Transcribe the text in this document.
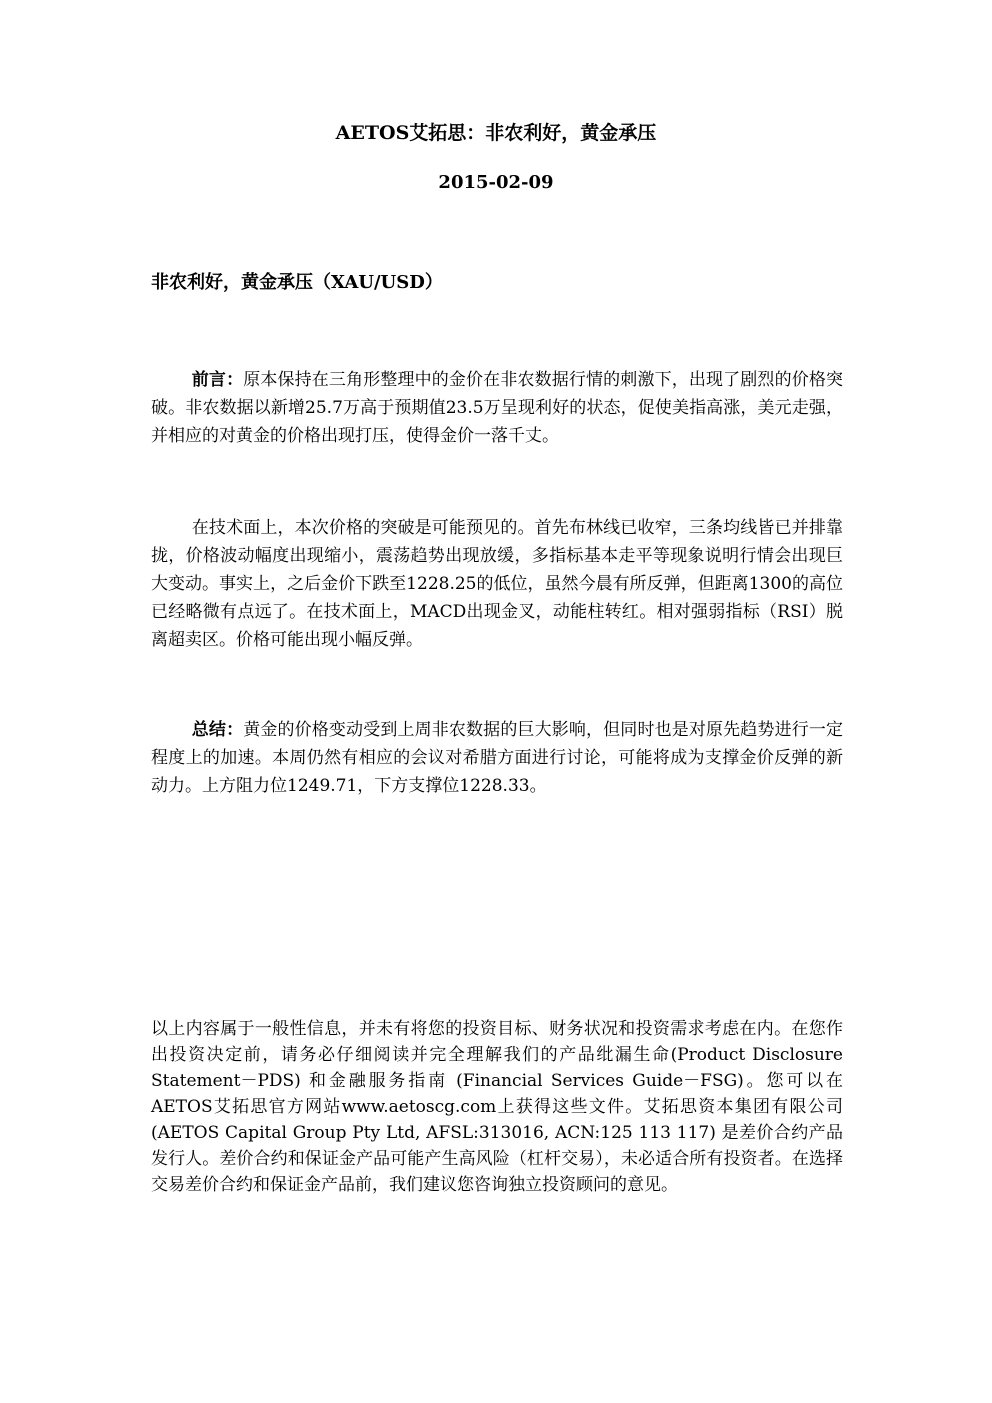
AETOS艾拓思：非农利好，黄金承压
2015-02-09
非农利好，黄金承压（XAU/USD）

前言：原本保持在三角形整理中的金价在非农数据行情的刺激下，出现了剧烈的价格突破。非农数据以新增25.7万高于预期值23.5万呈现利好的状态，促使美指高涨，美元走强，并相应的对黄金的价格出现打压，使得金价一落千丈。

在技术面上，本次价格的突破是可能预见的。首先布林线已收窄，三条均线皆已并排靠拢，价格波动幅度出现缩小，震荡趋势出现放缓，多指标基本走平等现象说明行情会出现巨大变动。事实上，之后金价下跌至1228.25的低位，虽然今晨有所反弹，但距离1300的高位已经略微有点远了。在技术面上，MACD出现金叉，动能柱转红。相对强弱指标（RSI）脱离超卖区。价格可能出现小幅反弹。

总结：黄金的价格变动受到上周非农数据的巨大影响，但同时也是对原先趋势进行一定程度上的加速。本周仍然有相应的会议对希腊方面进行讨论，可能将成为支撑金价反弹的新动力。上方阻力位1249.71，下方支撑位1228.33。

以上内容属于一般性信息，并未有将您的投资目标、财务状况和投资需求考虑在内。在您作出投资决定前，请务必仔细阅读并完全理解我们的产品纰漏生命(Product Disclosure Statement－PDS) 和金融服务指南 (Financial Services Guide－FSG)。您可以在AETOS艾拓思官方网站www.aetoscg.com上获得这些文件。艾拓思资本集团有限公司(AETOS Capital Group Pty Ltd, AFSL:313016, ACN:125 113 117) 是差价合约产品发行人。差价合约和保证金产品可能产生高风险（杠杆交易），未必适合所有投资者。在选择交易差价合约和保证金产品前，我们建议您咨询独立投资顾问的意见。
